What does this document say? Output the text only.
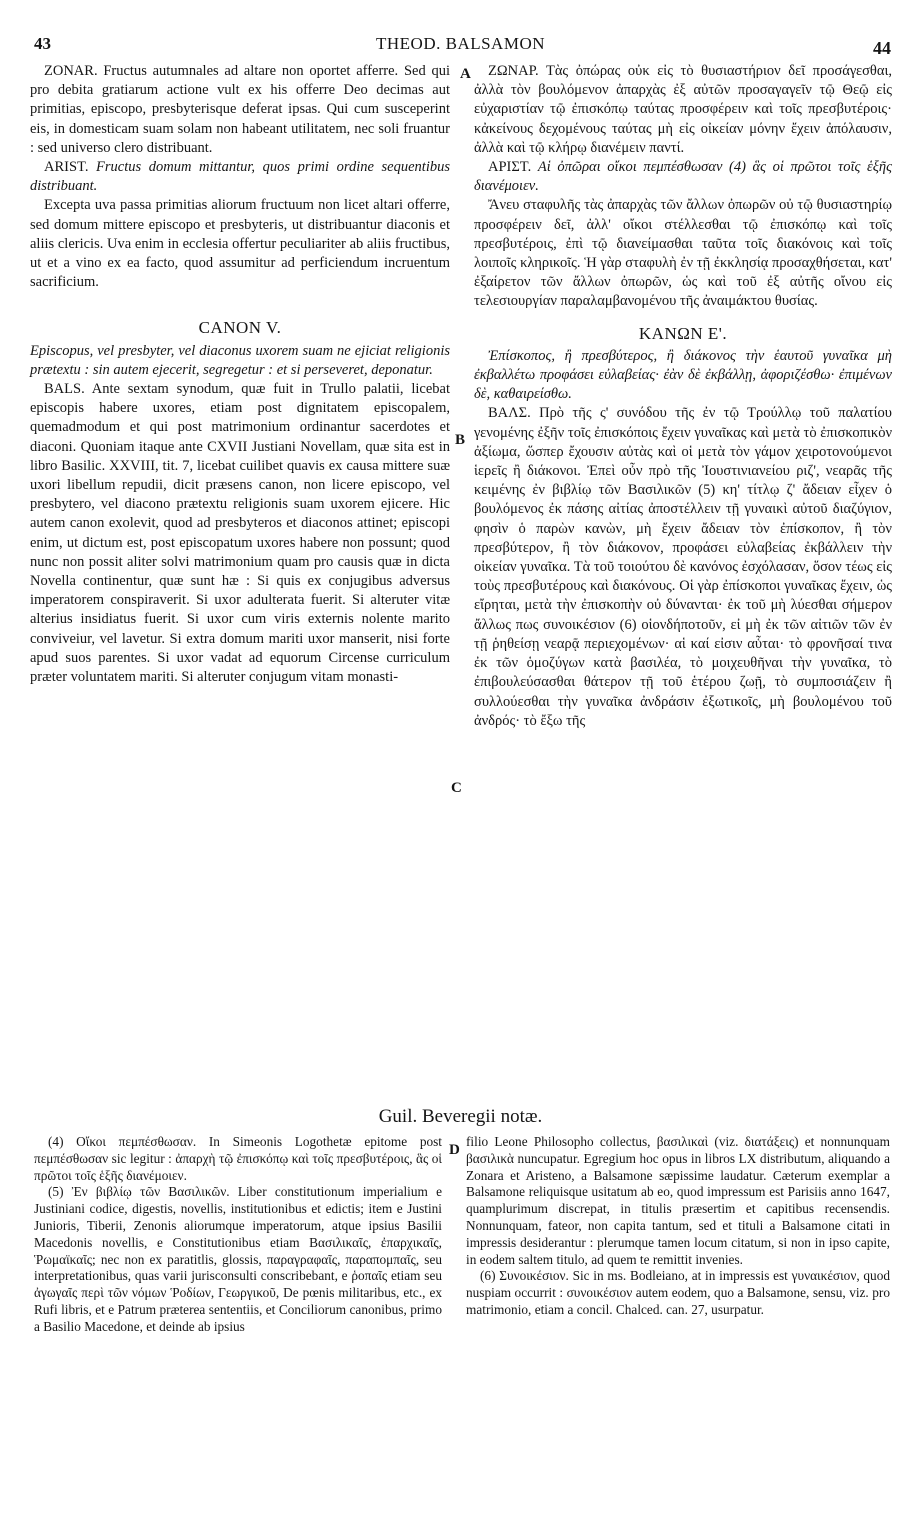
43	THEOD. BALSAMON	44
A
B
C
D

ZONAR. Fructus autumnales ad altare non oportet afferre. Sed qui pro debita gratiarum actione vult ex his offerre Deo decimas aut primitias, episcopo, presbyterisque deferat ipsas. Qui cum susceperint eis, in domesticam suam solam non habeant utilitatem, nec soli fruantur : sed universo clero distribuant.

ARIST. Fructus domum mittantur, quos primi ordine sequentibus distribuant.

Excepta uva passa primitias aliorum fructuum non licet altari offerre, sed domum mittere episcopo et presbyteris, ut distribuantur diaconis et aliis clericis. Uva enim in ecclesia offertur peculiariter ab aliis fructibus, ut et a vino ex ea facto, quod assumitur ad perficiendum incruentum sacrificium.

CANON V.

Episcopus, vel presbyter, vel diaconus uxorem suam ne ejiciat religionis prætextu : sin autem ejecerit, segregetur : et si perseveret, deponatur.

BALS. Ante sextam synodum, quæ fuit in Trullo palatii, licebat episcopis habere uxores, etiam post dignitatem episcopalem, quemadmodum et qui post matrimonium ordinantur sacerdotes et diaconi. Quoniam itaque ante CXVII Justiani Novellam, quæ sita est in libro Basilic. XXVIII, tit. 7, licebat cuilibet quavis ex causa mittere suæ uxori libellum repudii, dicit præsens canon, non licere episcopo, vel presbytero, vel diacono prætextu religionis suam uxorem ejicere. Hic autem canon exolevit, quod ad presbyteros et diaconos attinet; episcopi enim, ut dictum est, post episcopatum uxores habere non possunt; quod nunc non possit aliter solvi matrimonium quam pro causis quæ in dicta Novella continentur, quæ sunt hæ : Si quis ex conjugibus adversus imperatorem conspiraverit. Si uxor adulterata fuerit. Si alteruter vitæ alterius insidiatus fuerit. Si uxor cum viris externis nolente marito conviveiur, vel lavetur. Si extra domum mariti uxor manserit, nisi forte apud suos parentes. Si uxor vadat ad equorum Circense curriculum præter voluntatem mariti. Si alteruter conjugum vitam monasti-

ΖΩΝΑΡ. Τὰς ὀπώρας οὐκ εἰς τὸ θυσιαστήριον δεῖ προσάγεσθαι, ἀλλὰ τὸν βουλόμενον ἀπαρχὰς ἐξ αὐτῶν προσαγαγεῖν τῷ Θεῷ εἰς εὐχαριστίαν τῷ ἐπισκόπῳ ταύτας προσφέρειν καὶ τοῖς πρεσβυτέροις· κἀκείνους δεχομένους ταύτας μὴ εἰς οἰκείαν μόνην ἔχειν ἀπόλαυσιν, ἀλλὰ καὶ τῷ κλήρῳ διανέμειν παντί.

ΑΡΙΣΤ. Αἱ ὀπῶραι οἴκοι πεμπέσθωσαν (4) ἃς οἱ πρῶτοι τοῖς ἑξῆς διανέμοιεν.

Ἄνευ σταφυλῆς τὰς ἀπαρχὰς τῶν ἄλλων ὀπωρῶν οὐ τῷ θυσιαστηρίῳ προσφέρειν δεῖ, ἀλλ' οἴκοι στέλλεσθαι τῷ ἐπισκόπῳ καὶ τοῖς πρεσβυτέροις, ἐπὶ τῷ διανείμασθαι ταῦτα τοῖς διακόνοις καὶ τοῖς λοιποῖς κληρικοῖς. Ἡ γὰρ σταφυλὴ ἐν τῇ ἐκκλησίᾳ προσαχθήσεται, κατ' ἐξαίρετον τῶν ἄλλων ὀπωρῶν, ὡς καὶ τοῦ ἐξ αὐτῆς οἴνου εἰς τελεσιουργίαν παραλαμβανομένου τῆς ἀναιμάκτου θυσίας.

ΚΑΝΩΝ Ε'.

Ἐπίσκοπος, ἢ πρεσβύτερος, ἢ διάκονος τὴν ἑαυτοῦ γυναῖκα μὴ ἐκβαλλέτω προφάσει εὐλαβείας· ἐὰν δὲ ἐκβάλλῃ, ἀφοριζέσθω· ἐπιμένων δὲ, καθαιρείσθω.

ΒΑΛΣ. Πρὸ τῆς ς' συνόδου τῆς ἐν τῷ Τρούλλῳ τοῦ παλατίου γενομένης ἐξῆν τοῖς ἐπισκόποις ἔχειν γυναῖκας καὶ μετὰ τὸ ἐπισκοπικὸν ἀξίωμα, ὥσπερ ἔχουσιν αὐτὰς καὶ οἱ μετὰ τὸν γάμον χειροτονούμενοι ἱερεῖς ἢ διάκονοι. Ἐπεὶ οὖν πρὸ τῆς Ἰουστινιανείου ριζ', νεαρᾶς τῆς κειμένης ἐν βιβλίῳ τῶν Βασιλικῶν (5) κη' τίτλῳ ζ' ἄδειαν εἶχεν ὁ βουλόμενος ἐκ πάσης αἰτίας ἀποστέλλειν τῇ γυναικὶ αὐτοῦ διαζύγιον, φησὶν ὁ παρὼν κανὼν, μὴ ἔχειν ἄδειαν τὸν ἐπίσκοπον, ἢ τὸν πρεσβύτερον, ἢ τὸν διάκονον, προφάσει εὐλαβείας ἐκβάλλειν τὴν οἰκείαν γυναῖκα. Τὰ τοῦ τοιούτου δὲ κανόνος ἐσχόλασαν, ὅσον τέως εἰς τοὺς πρεσβυτέρους καὶ διακόνους. Οἱ γὰρ ἐπίσκοποι γυναῖκας ἔχειν, ὡς εἴρηται, μετὰ τὴν ἐπισκοπὴν οὐ δύνανται· ἐκ τοῦ μὴ λύεσθαι σήμερον ἄλλως πως συνοικέσιον (6) οἱονδήποτοῦν, εἰ μὴ ἐκ τῶν αἰτιῶν τῶν ἐν τῇ ῥηθείσῃ νεαρᾷ περιεχομένων· αἱ καί εἰσιν αὗται· τὸ φρονῆσαί τινα ἐκ τῶν ὁμοζύγων κατὰ βασιλέα, τὸ μοιχευθῆναι τὴν γυναῖκα, τὸ ἐπιβουλεύσασθαι θάτερον τῇ τοῦ ἑτέρου ζωῇ, τὸ συμποσιάζειν ἢ συλλούεσθαι τὴν γυναῖκα ἀνδράσιν ἐξωτικοῖς, μὴ βουλομένου τοῦ ἀνδρός· τὸ ἔξω τῆς

Guil. Beveregii notæ.

(4) Οἴκοι πεμπέσθωσαν. In Simeonis Logothetæ epitome post πεμπέσθωσαν sic legitur : ἀπαρχὴ τῷ ἐπισκόπῳ καὶ τοῖς πρεσβυτέροις, ἃς οἱ πρῶτοι τοῖς ἑξῆς διανέμοιεν.

(5) Ἐν βιβλίῳ τῶν Βασιλικῶν. Liber constitutionum imperialium e Justiniani codice, digestis, novellis, institutionibus et edictis; item e Justini Junioris, Tiberii, Zenonis aliorumque imperatorum, atque ipsius Basilii Macedonis novellis, e Constitutionibus etiam Βασιλικαῖς, ἐπαρχικαῖς, Ῥωμαϊκαῖς; nec non ex paratitlis, glossis, παραγραφαῖς, παραπομπαῖς, seu interpretationibus, quas varii jurisconsulti conscribebant, e ῥοπαῖς etiam seu ἀγωγαῖς περὶ τῶν νόμων Ῥοδίων, Γεωργικοῦ, De pœnis militaribus, etc., ex Rufi libris, et e Patrum præterea sententiis, et Conciliorum canonibus, primo a Basilio Macedone, et deinde ab ipsius

filio Leone Philosopho collectus, βασιλικαὶ (viz. διατάξεις) et nonnunquam βασιλικὰ nuncupatur. Egregium hoc opus in libros LX distributum, aliquando a Zonara et Aristeno, a Balsamone sæpissime laudatur. Cæterum exemplar a Balsamone reliquisque usitatum ab eo, quod impressum est Parisiis anno 1647, quamplurimum discrepat, in titulis præsertim et capitibus recensendis. Nonnunquam, fateor, non capita tantum, sed et tituli a Balsamone citati in impressis desiderantur : plerumque tamen locum citatum, si non in ipso capite, in eodem saltem titulo, ad quem te remittit invenies.

(6) Συνοικέσιον. Sic in ms. Bodleiano, at in impressis est γυναικέσιον, quod nuspiam occurrit : συνοικέσιον autem eodem, quo a Balsamone, sensu, viz. pro matrimonio, etiam a concil. Chalced. can. 27, usurpatur.
